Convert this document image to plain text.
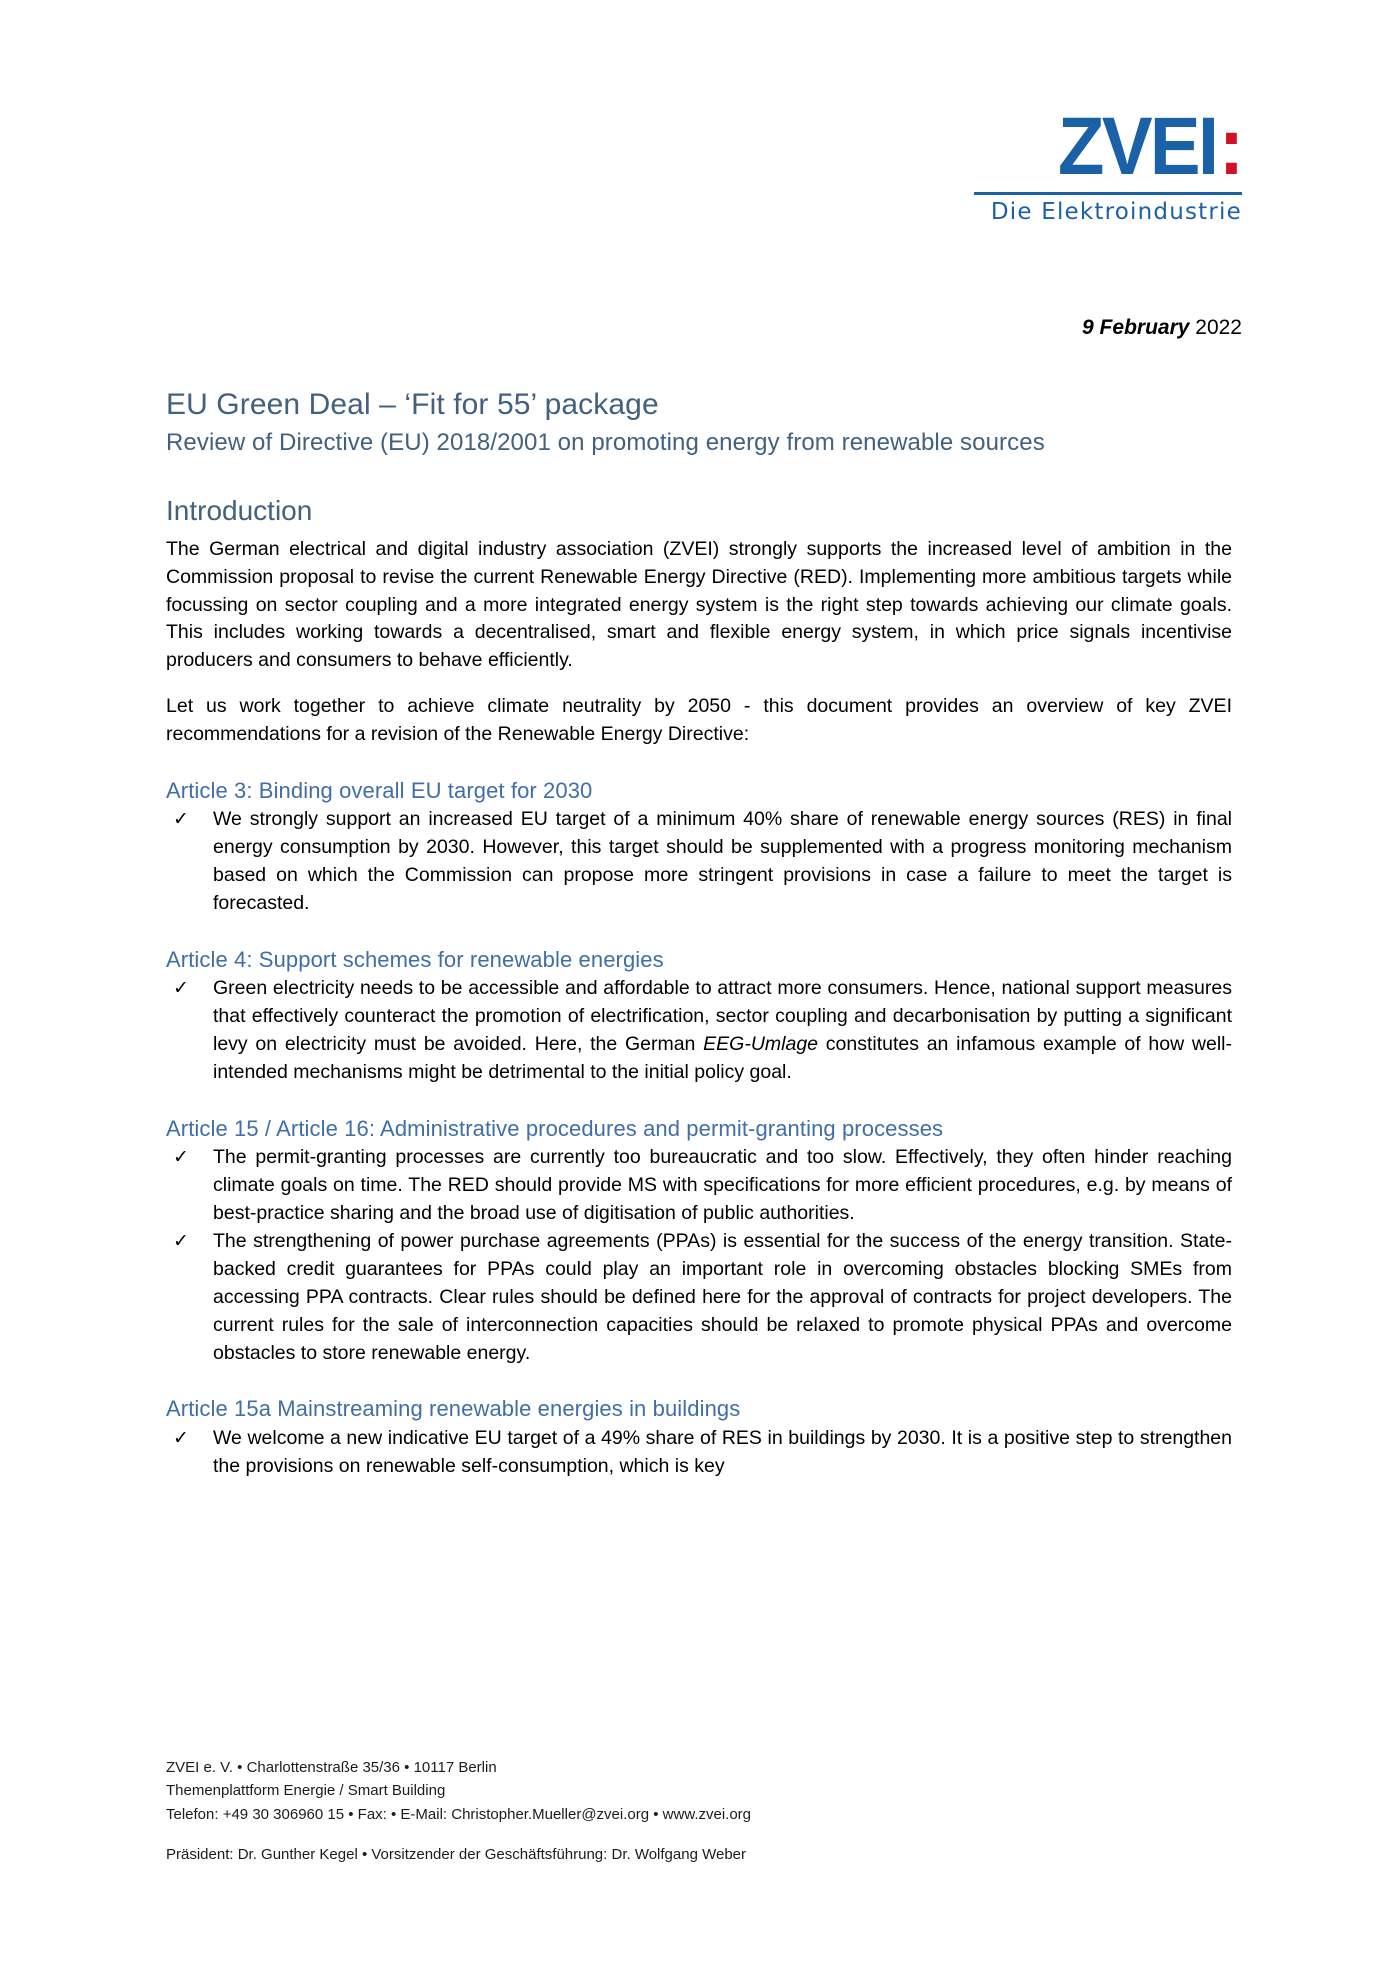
ZVEI:
Die Elektroindustrie
9 February 2022
EU Green Deal – ‘Fit for 55’ package
Review of Directive (EU) 2018/2001 on promoting energy from renewable sources
Introduction

The German electrical and digital industry association (ZVEI) strongly supports the increased level of ambition in the Commission proposal to revise the current Renewable Energy Directive (RED). Implementing more ambitious targets while focussing on sector coupling and a more integrated energy system is the right step towards achieving our climate goals. This includes working towards a decentralised, smart and flexible energy system, in which price signals incentivise producers and consumers to behave efficiently.

Let us work together to achieve climate neutrality by 2050 - this document provides an overview of key ZVEI recommendations for a revision of the Renewable Energy Directive:

Article 3: Binding overall EU target for 2030
✓ We strongly support an increased EU target of a minimum 40% share of renewable energy sources (RES) in final energy consumption by 2030. However, this target should be supplemented with a progress monitoring mechanism based on which the Commission can propose more stringent provisions in case a failure to meet the target is forecasted.
Article 4: Support schemes for renewable energies
✓ Green electricity needs to be accessible and affordable to attract more consumers. Hence, national support measures that effectively counteract the promotion of electrification, sector coupling and decarbonisation by putting a significant levy on electricity must be avoided. Here, the German EEG-Umlage constitutes an infamous example of how well-intended mechanisms might be detrimental to the initial policy goal.
Article 15 / Article 16: Administrative procedures and permit-granting processes
✓ The permit-granting processes are currently too bureaucratic and too slow. Effectively, they often hinder reaching climate goals on time. The RED should provide MS with specifications for more efficient procedures, e.g. by means of best-practice sharing and the broad use of digitisation of public authorities.
✓ The strengthening of power purchase agreements (PPAs) is essential for the success of the energy transition. State-backed credit guarantees for PPAs could play an important role in overcoming obstacles blocking SMEs from accessing PPA contracts. Clear rules should be defined here for the approval of contracts for project developers. The current rules for the sale of interconnection capacities should be relaxed to promote physical PPAs and overcome obstacles to store renewable energy.
Article 15a Mainstreaming renewable energies in buildings
✓ We welcome a new indicative EU target of a 49% share of RES in buildings by 2030. It is a positive step to strengthen the provisions on renewable self-consumption, which is key
ZVEI e. V. • Charlottenstraße 35/36 • 10117 Berlin
Themenplattform Energie / Smart Building
Telefon: +49 30 306960 15 • Fax: • E-Mail: Christopher.Mueller@zvei.org • www.zvei.org
Präsident: Dr. Gunther Kegel • Vorsitzender der Geschäftsführung: Dr. Wolfgang Weber
